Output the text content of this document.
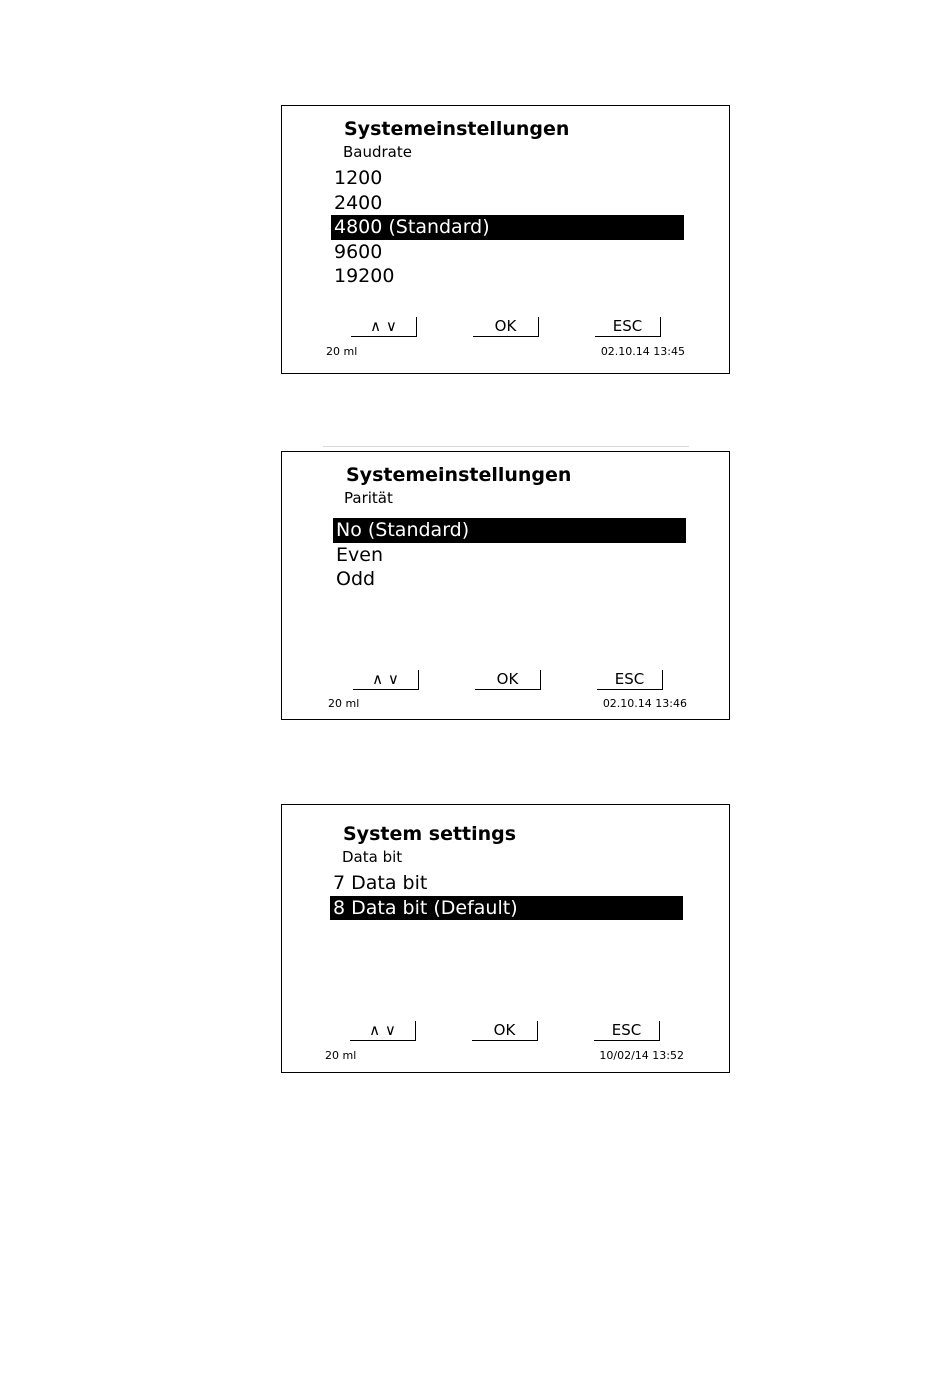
Systemeinstellungen
Baudrate
1200
2400
4800 (Standard)
9600
19200
∧ ∨	OK	ESC
20 ml	02.10.14 13:45
Systemeinstellungen
Parität
No (Standard)
Even
Odd
∧ ∨	OK	ESC
20 ml	02.10.14 13:46
System settings
Data bit
7 Data bit
8 Data bit (Default)
∧ ∨	OK	ESC
20 ml	10/02/14 13:52
